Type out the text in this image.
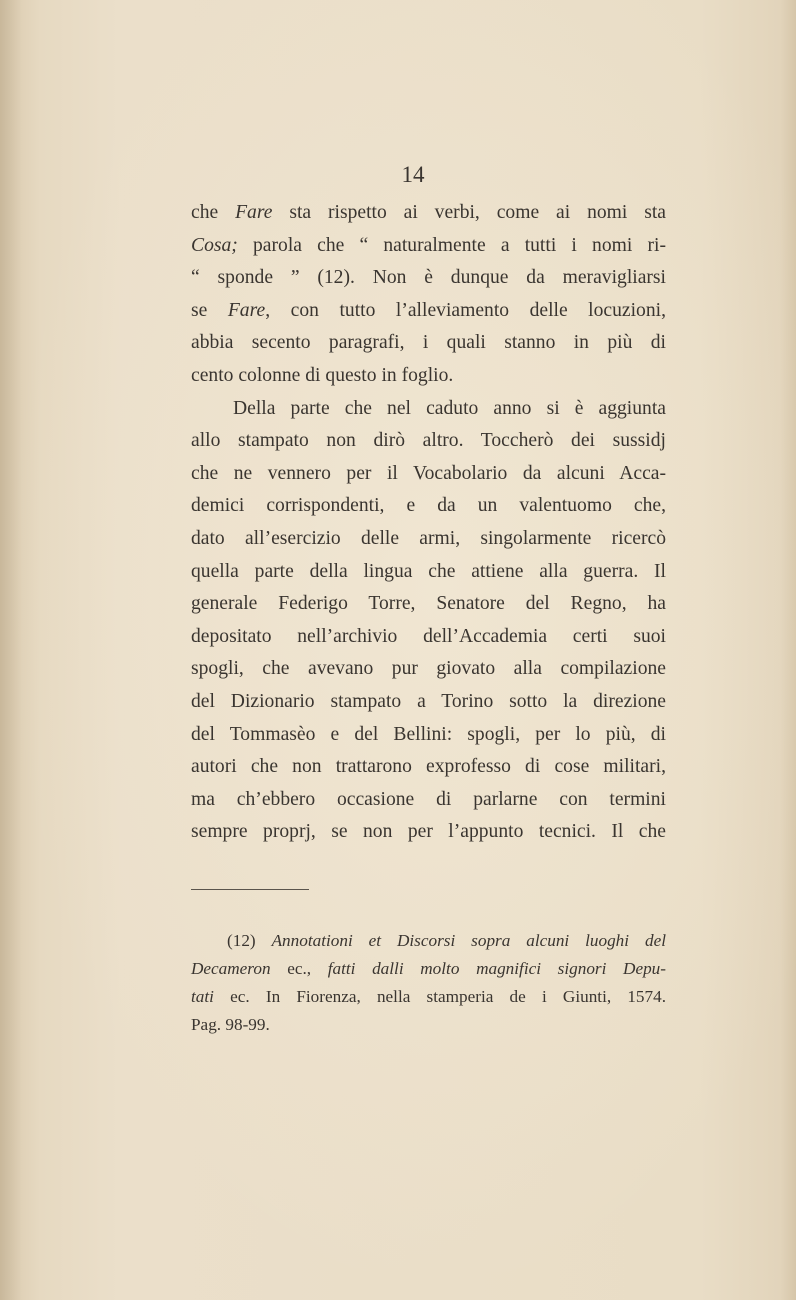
14
che Fare sta rispetto ai verbi, come ai nomi sta
Cosa; parola che “ naturalmente a tutti i nomi ri-
“ sponde ” (12). Non è dunque da meravigliarsi
se Fare, con tutto l’alleviamento delle locuzioni,
abbia secento paragrafi, i quali stanno in più di
cento colonne di questo in foglio.
Della parte che nel caduto anno si è aggiunta
allo stampato non dirò altro. Toccherò dei sussidj
che ne vennero per il Vocabolario da alcuni Acca-
demici corrispondenti, e da un valentuomo che,
dato all’esercizio delle armi, singolarmente ricercò
quella parte della lingua che attiene alla guerra. Il
generale Federigo Torre, Senatore del Regno, ha
depositato nell’archivio dell’Accademia certi suoi
spogli, che avevano pur giovato alla compilazione
del Dizionario stampato a Torino sotto la direzione
del Tommasèo e del Bellini: spogli, per lo più, di
autori che non trattarono exprofesso di cose militari,
ma ch’ebbero occasione di parlarne con termini
sempre proprj, se non per l’appunto tecnici. Il che
(12) Annotationi et Discorsi sopra alcuni luoghi del
Decameron ec., fatti dalli molto magnifici signori Depu-
tati ec. In Fiorenza, nella stamperia de i Giunti, 1574.
Pag. 98-99.
